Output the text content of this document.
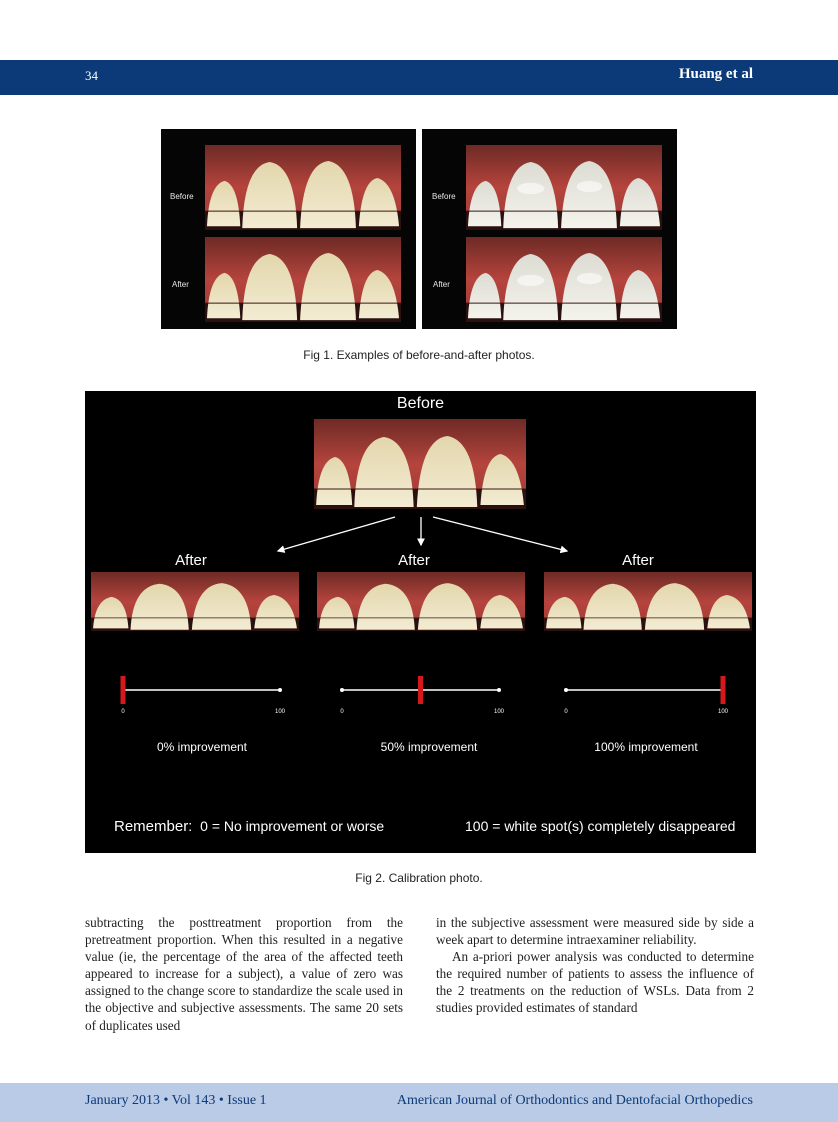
34	Huang et al
Before
After
Before
After
Fig 1. Examples of before-and-after photos.
Before
After	After	After
0	100	0	100	0	100
0% improvement	50% improvement	100% improvement
Remember: 0 = No improvement or worse	100 = white spot(s) completely disappeared
Fig 2. Calibration photo.

subtracting the posttreatment proportion from the pretreatment proportion. When this resulted in a negative value (ie, the percentage of the area of the affected teeth appeared to increase for a subject), a value of zero was assigned to the change score to standardize the scale used in the objective and subjective assessments. The same 20 sets of duplicates used

in the subjective assessment were measured side by side a week apart to determine intraexaminer reliability.

An a-priori power analysis was conducted to determine the required number of patients to assess the influence of the 2 treatments on the reduction of WSLs. Data from 2 studies provided estimates of standard

January 2013 • Vol 143 • Issue 1	American Journal of Orthodontics and Dentofacial Orthopedics
